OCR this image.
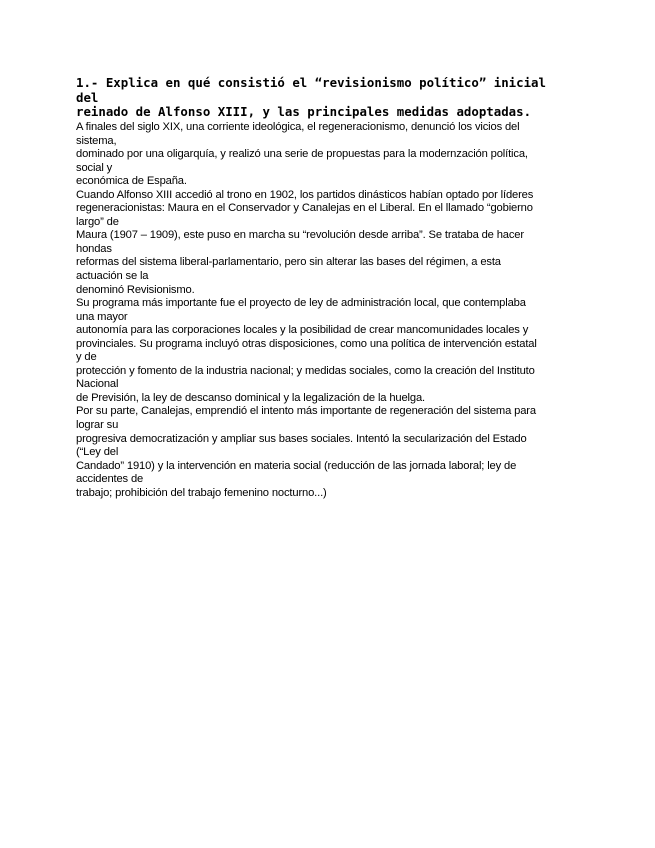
1.- Explica en qué consistió el “revisionismo político” inicial
del
reinado de Alfonso XIII, y las principales medidas adoptadas.
A finales del siglo XIX, una corriente ideológica, el regeneracionismo, denunció los vicios del
sistema,
dominado por una oligarquía, y realizó una serie de propuestas para la modernzación política,
social y
económica de España.
Cuando Alfonso XIII accedió al trono en 1902, los partidos dinásticos habían optado por líderes
regeneracionistas: Maura en el Conservador y Canalejas en el Liberal. En el llamado “gobierno
largo” de
Maura (1907 – 1909), este puso en marcha su “revolución desde arriba”. Se trataba de hacer
hondas
reformas del sistema liberal-parlamentario, pero sin alterar las bases del régimen, a esta
actuación se la
denominó Revisionismo.
Su programa más importante fue el proyecto de ley de administración local, que contemplaba
una mayor
autonomía para las corporaciones locales y la posibilidad de crear mancomunidades locales y
provinciales. Su programa incluyó otras disposiciones, como una política de intervención estatal
y de
protección y fomento de la industria nacional; y medidas sociales, como la creación del Instituto
Nacional
de Previsión, la ley de descanso dominical y la legalización de la huelga.
Por su parte, Canalejas, emprendió el intento más importante de regeneración del sistema para
lograr su
progresiva democratización y ampliar sus bases sociales. Intentó la secularización del Estado
(“Ley del
Candado” 1910) y la intervención en materia social (reducción de las jornada laboral; ley de
accidentes de
trabajo; prohibición del trabajo femenino nocturno...)
